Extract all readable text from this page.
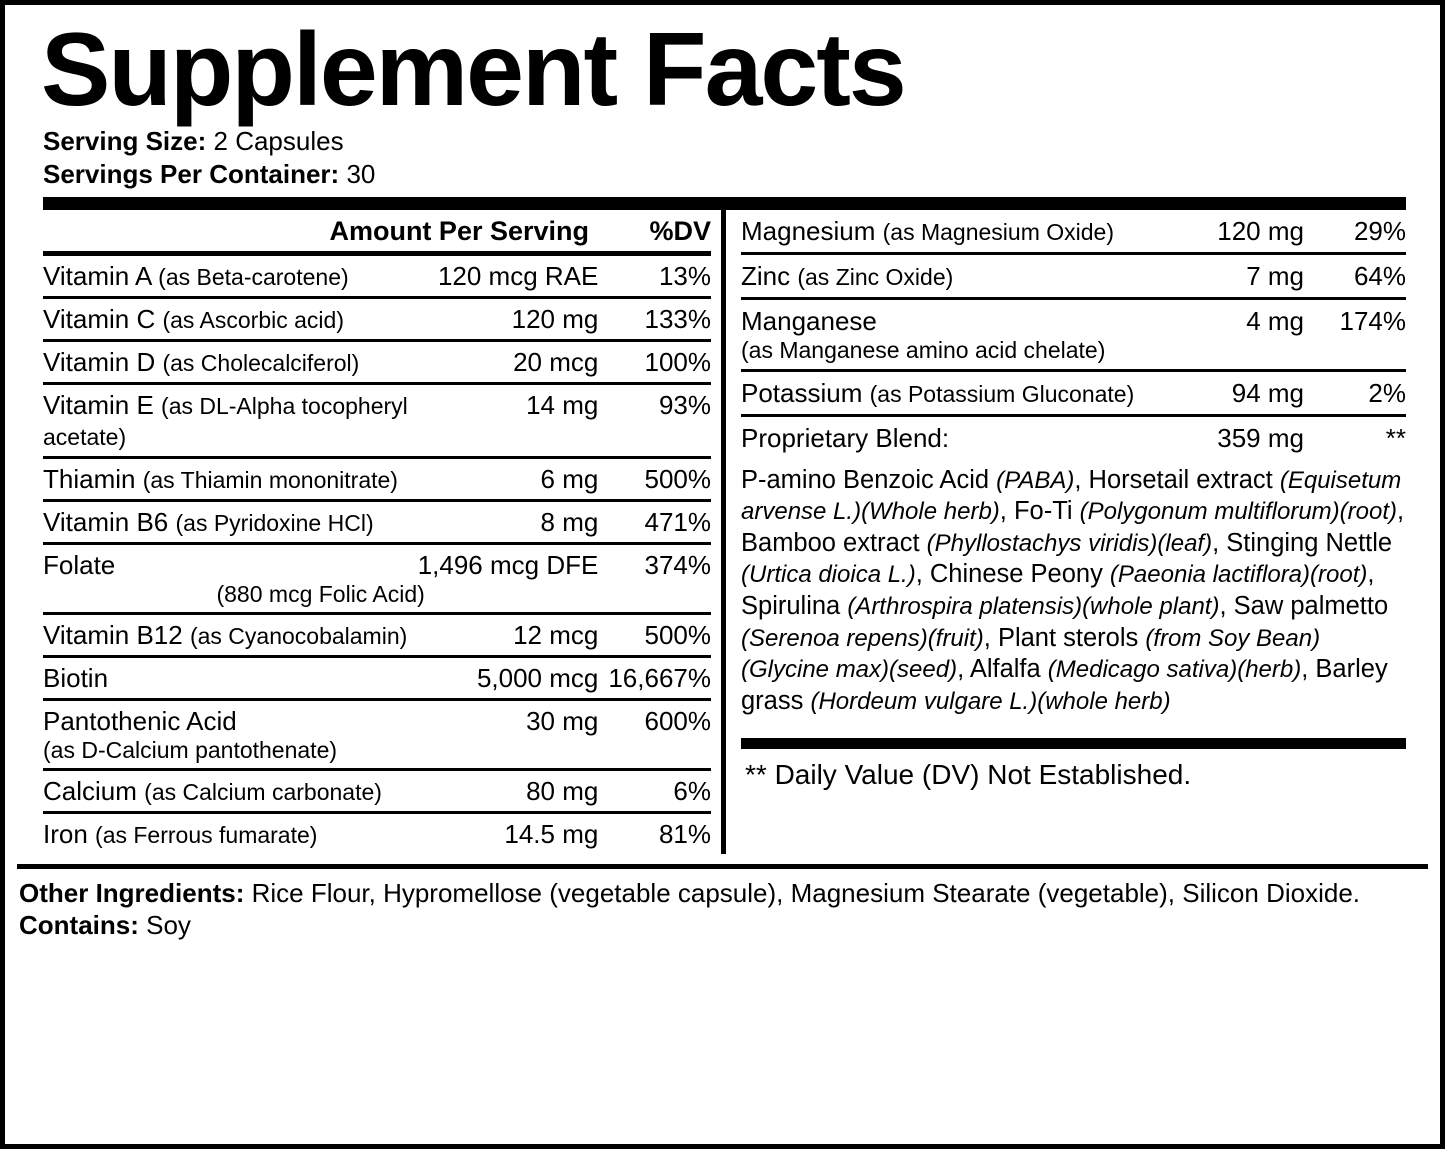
Supplement Facts
Serving Size: 2 Capsules
Servings Per Container: 30
Amount Per Serving	%DV
Vitamin A (as Beta-carotene)	120 mcg RAE	13%
Vitamin C (as Ascorbic acid)	120 mg	133%
Vitamin D (as Cholecalciferol)	20 mcg	100%
Vitamin E (as DL-Alpha tocopheryl acetate)	14 mg	93%
Thiamin (as Thiamin mononitrate)	6 mg	500%
Vitamin B6 (as Pyridoxine HCl)	8 mg	471%
Folate	1,496 mcg DFE	374%
(880 mcg Folic Acid)		
Vitamin B12 (as Cyanocobalamin)	12 mcg	500%
Biotin	5,000 mcg	16,667%
Pantothenic Acid	30 mg	600%
(as D-Calcium pantothenate)		
Calcium (as Calcium carbonate)	80 mg	6%
Iron (as Ferrous fumarate)	14.5 mg	81%
Magnesium (as Magnesium Oxide)	120 mg	29%
Zinc (as Zinc Oxide)	7 mg	64%
Manganese	4 mg	174%
(as Manganese amino acid chelate)		
Potassium (as Potassium Gluconate)	94 mg	2%
Proprietary Blend:	359 mg	**
P-amino Benzoic Acid (PABA), Horsetail extract (Equisetum arvense L.)(Whole herb), Fo-Ti (Polygonum multiflorum)(root), Bamboo extract (Phyllostachys viridis)(leaf), Stinging Nettle (Urtica dioica L.), Chinese Peony (Paeonia lactiflora)(root), Spirulina (Arthrospira platensis)(whole plant), Saw palmetto (Serenoa repens)(fruit), Plant sterols (from Soy Bean)(Glycine max)(seed), Alfalfa (Medicago sativa)(herb), Barley grass (Hordeum vulgare L.)(whole herb)		
** Daily Value (DV) Not Established.
Other Ingredients: Rice Flour, Hypromellose (vegetable capsule), Magnesium Stearate (vegetable), Silicon Dioxide.
Contains: Soy
